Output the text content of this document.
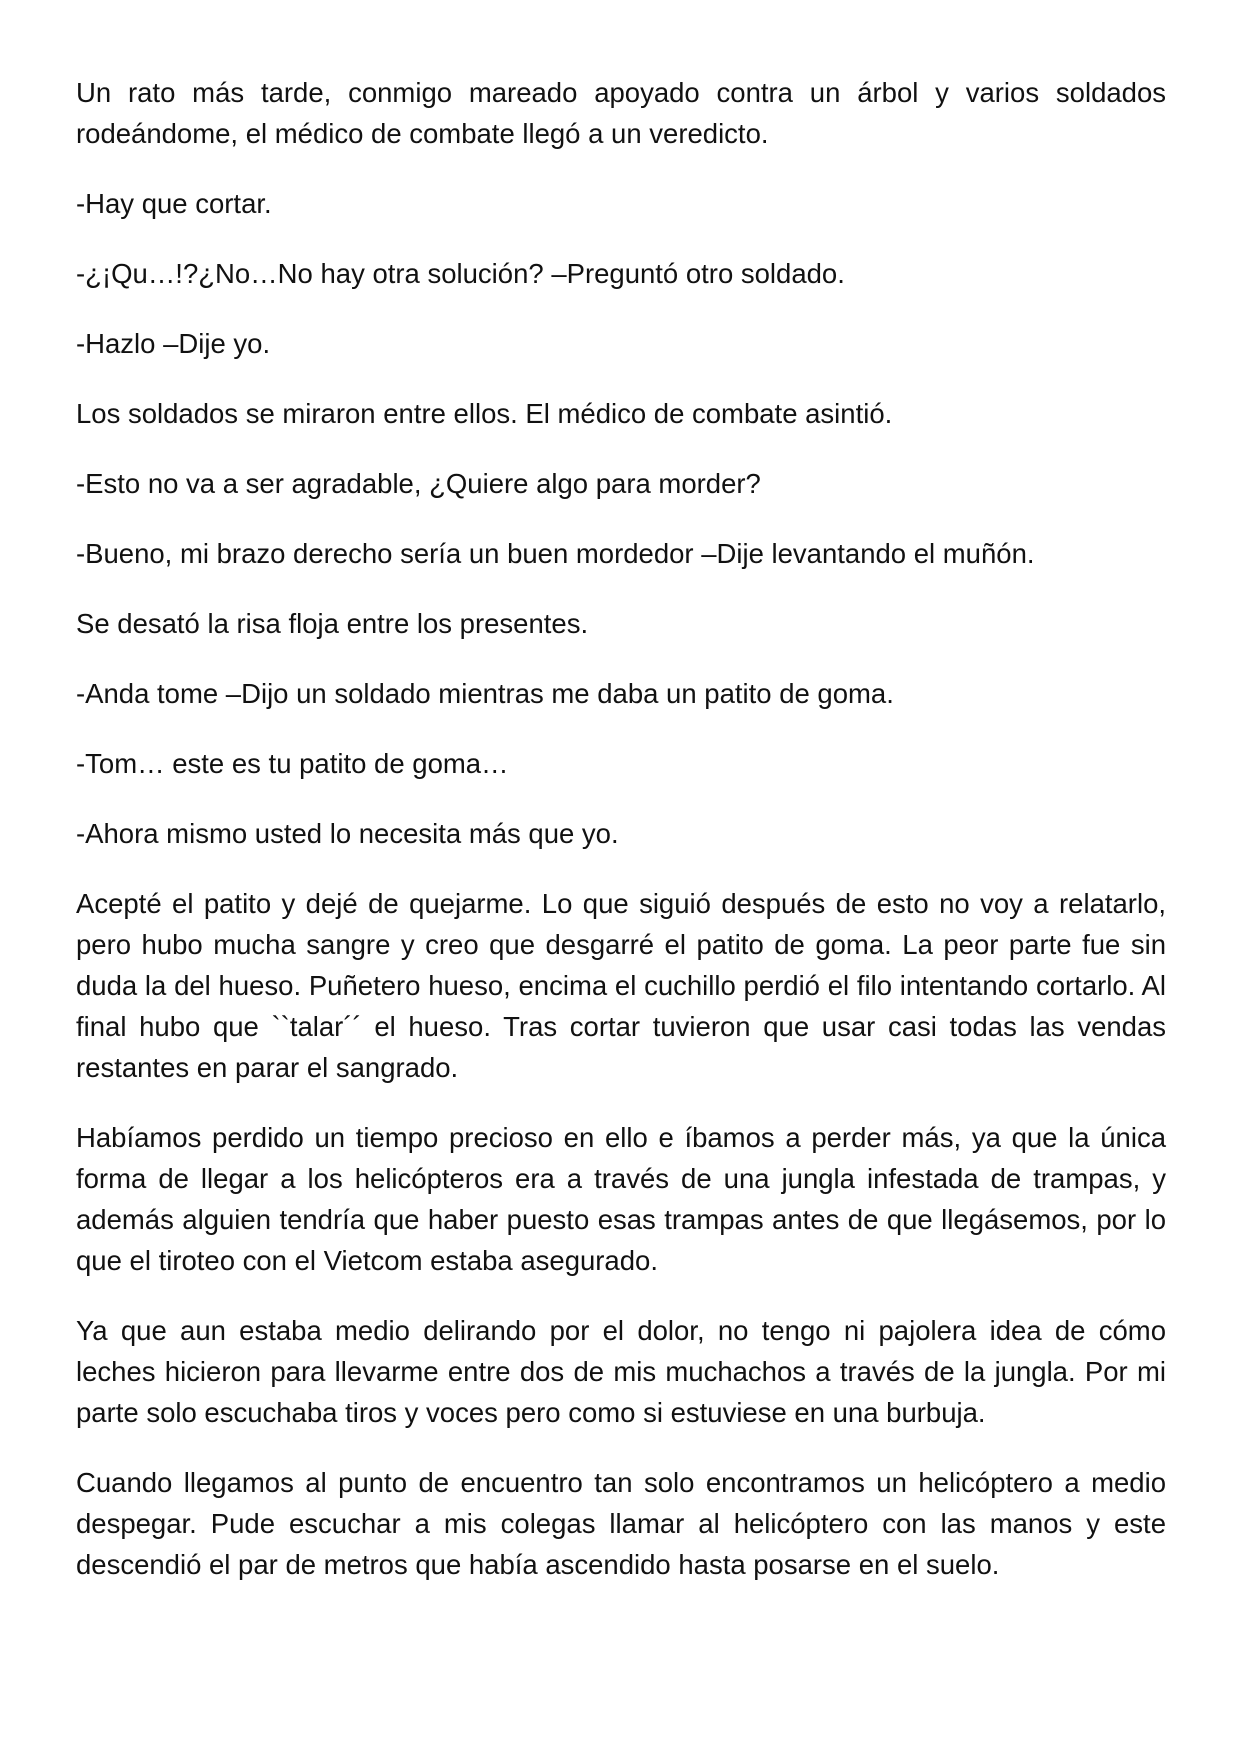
Un rato más tarde, conmigo mareado apoyado contra un árbol y varios soldados rodeándome, el médico de combate llegó a un veredicto.

-Hay que cortar.

-¿¡Qu…!?¿No…No hay otra solución? –Preguntó otro soldado.

-Hazlo –Dije yo.

Los soldados se miraron entre ellos. El médico de combate asintió.

-Esto no va a ser agradable, ¿Quiere algo para morder?

-Bueno, mi brazo derecho sería un buen mordedor –Dije levantando el muñón.

Se desató la risa floja entre los presentes.

-Anda tome –Dijo un soldado mientras me daba un patito de goma.

-Tom… este es tu patito de goma…

-Ahora mismo usted lo necesita más que yo.

Acepté el patito y dejé de quejarme. Lo que siguió después de esto no voy a relatarlo, pero hubo mucha sangre y creo que desgarré el patito de goma. La peor parte fue sin duda la del hueso. Puñetero hueso, encima el cuchillo perdió el filo intentando cortarlo. Al final hubo que ``talar´´ el hueso. Tras cortar tuvieron que usar casi todas las vendas restantes en parar el sangrado.

Habíamos perdido un tiempo precioso en ello e íbamos a perder más, ya que la única forma de llegar a los helicópteros era a través de una jungla infestada de trampas, y además alguien tendría que haber puesto esas trampas antes de que llegásemos, por lo que el tiroteo con el Vietcom estaba asegurado.

Ya que aun estaba medio delirando por el dolor, no tengo ni pajolera idea de cómo leches hicieron para llevarme entre dos de mis muchachos a través de la jungla. Por mi parte solo escuchaba tiros y voces pero como si estuviese en una burbuja.

Cuando llegamos al punto de encuentro tan solo encontramos un helicóptero a medio despegar. Pude escuchar a mis colegas llamar al helicóptero con las manos y este descendió el par de metros que había ascendido hasta posarse en el suelo.
